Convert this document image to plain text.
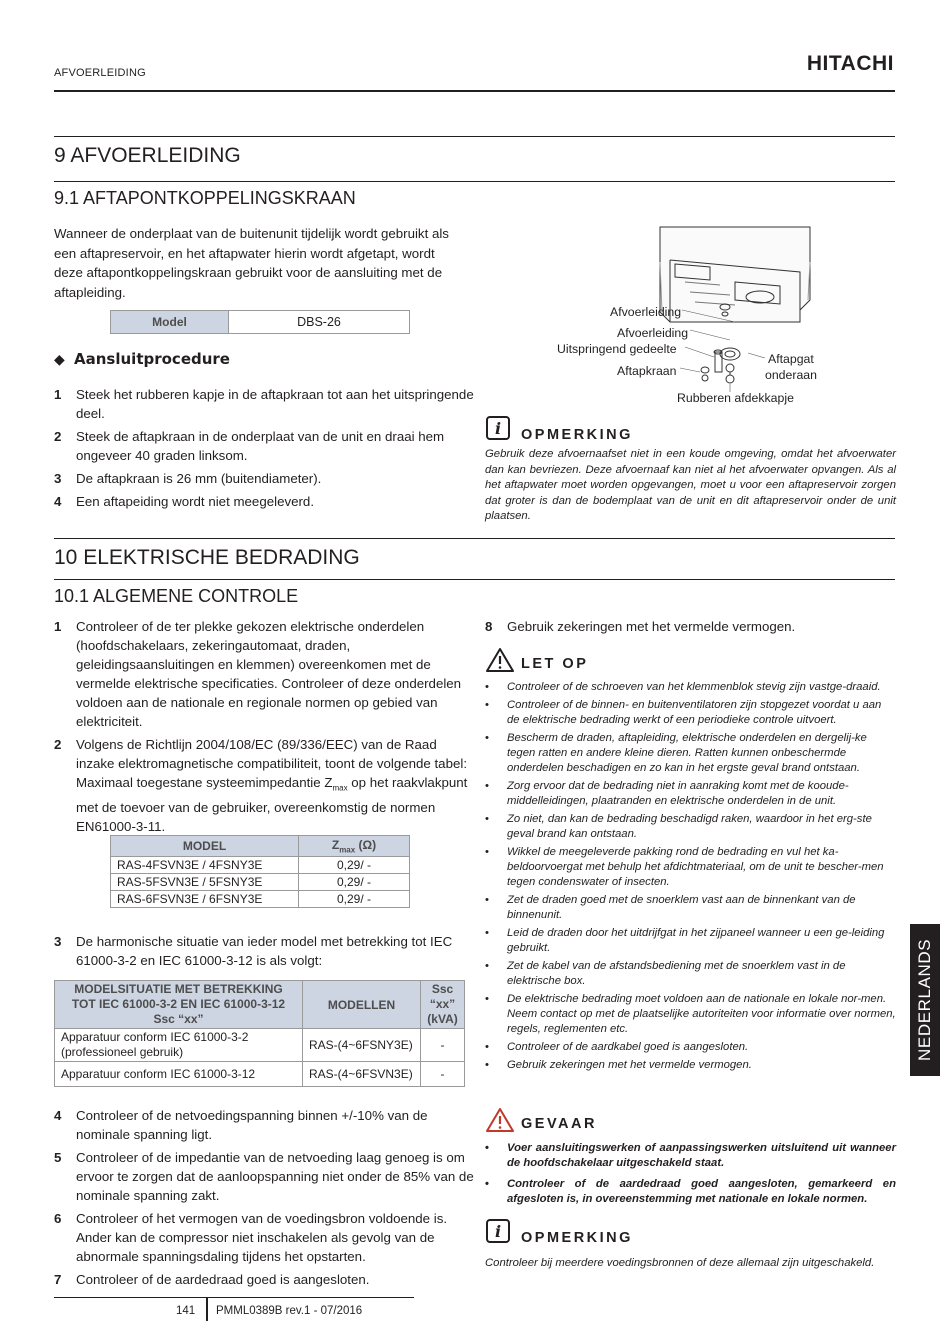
AFVOERLEIDING	HITACHI
9 AFVOERLEIDING
9.1 AFTAPONTKOPPELINGSKRAAN
Wanneer de onderplaat van de buitenunit tijdelijk wordt gebruikt als een aftapreservoir, en het aftapwater hierin wordt afgetapt, wordt deze aftapontkoppelingskraan gebruikt voor de aansluiting met de aftapleiding.
Model	DBS-26
◆ Aansluitprocedure
1 Steek het rubberen kapje in de aftapkraan tot aan het uitspringende deel.
2 Steek de aftapkraan in de onderplaat van de unit en draai hem ongeveer 40 graden linksom.
3 De aftapkraan is 26 mm (buitendiameter).
4 Een aftapeiding wordt niet meegeleverd.
Afvoerleiding
Afvoerleiding
Uitspringend gedeelte
Aftapkraan
Aftapgat
onderaan
Rubberen afdekkapje
i	OPMERKING
Gebruik deze afvoernaafset niet in een koude omgeving, omdat het afvoerwater dan kan bevriezen. Deze afvoernaaf kan niet al het afvoerwater opvangen. Als al het aftapwater moet worden opgevangen, moet u voor een aftapreservoir zorgen dat groter is dan de bodemplaat van de unit en dit aftapreservoir onder de unit plaatsen.
10 ELEKTRISCHE BEDRADING
10.1 ALGEMENE CONTROLE
1 Controleer of de ter plekke gekozen elektrische onderdelen (hoofdschakelaars, zekeringautomaat, draden, geleidingsaansluitingen en klemmen) overeenkomen met de vermelde elektrische specificaties. Controleer of deze onderdelen voldoen aan de nationale en regionale normen op gebied van elektriciteit.
2 Volgens de Richtlijn 2004/108/EC (89/336/EEC) van de Raad inzake elektromagnetische compatibiliteit, toont de volgende tabel: Maximaal toegestane systeemimpedantie $Z_{max}$ op het raakvlakpunt met de toevoer van de gebruiker, overeenkomstig de normen EN61000-3-11.
MODEL	$Z_{max}$ (Ω)
RAS-4FSVN3E / 4FSNY3E	0,29/ -
RAS-5FSVN3E / 5FSNY3E	0,29/ -
RAS-6FSVN3E / 6FSNY3E	0,29/ -
3 De harmonische situatie van ieder model met betrekking tot IEC 61000-3-2 en IEC 61000-3-12 is als volgt:
MODELSITUATIE MET BETREKKING
TOT IEC 61000-3-2 EN IEC 61000-3-12
Ssc “xx”	MODELLEN	Ssc
“xx”
(kVA)
Apparatuur conform IEC 61000-3-2
(professioneel gebruik)	RAS-(4~6FSNY3E)	-
Apparatuur conform IEC 61000-3-12	RAS-(4~6FSVN3E)	-
4 Controleer of de netvoedingspanning binnen +/-10% van de nominale spanning ligt.
5 Controleer of de impedantie van de netvoeding laag genoeg is om ervoor te zorgen dat de aanloopspanning niet onder de 85% van de nominale spanning zakt.
6 Controleer of het vermogen van de voedingsbron voldoende is. Ander kan de compressor niet inschakelen als gevolg van de abnormale spanningsdaling tijdens het opstarten.
7 Controleer of de aardedraad goed is aangesloten.
8 Gebruik zekeringen met het vermelde vermogen.
LET OP
• Controleer of de schroeven van het klemmenblok stevig zijn vastge-draaid.
• Controleer of de binnen- en buitenventilatoren zijn stopgezet voordat u aan de elektrische bedrading werkt of een periodieke controle uitvoert.
• Bescherm de draden, aftapleiding, elektrische onderdelen en dergelij-ke tegen ratten en andere kleine dieren. Ratten kunnen onbeschermde onderdelen beschadigen en zo kan in het ergste geval brand ontstaan.
• Zorg ervoor dat de bedrading niet in aanraking komt met de kooude-middelleidingen, plaatranden en elektrische onderdelen in de unit.
• Zo niet, dan kan de bedrading beschadigd raken, waardoor in het erg-ste geval brand kan ontstaan.
• Wikkel de meegeleverde pakking rond de bedrading en vul het ka-beldoorvoergat met behulp het afdichtmateriaal, om de unit te bescher-men tegen condenswater of insecten.
• Zet de draden goed met de snoerklem vast aan de binnenkant van de binnenunit.
• Leid de draden door het uitdrijfgat in het zijpaneel wanneer u een ge-leiding gebruikt.
• Zet de kabel van de afstandsbediening met de snoerklem vast in de elektrische box.
• De elektrische bedrading moet voldoen aan de nationale en lokale nor-men. Neem contact op met de plaatselijke autoriteiten voor informatie over normen, regels, reglementen etc.
• Controleer of de aardkabel goed is aangesloten.
• Gebruik zekeringen met het vermelde vermogen.
GEVAAR
• Voer aansluitingswerken of aanpassingswerken uitsluitend uit wanneer de hoofdschakelaar uitgeschakeld staat.
• Controleer of de aardedraad goed aangesloten, gemarkeerd en afgesloten is, in overeenstemming met nationale en lokale normen.
i	OPMERKING
Controleer bij meerdere voedingsbronnen of deze allemaal zijn uitgeschakeld.
NEDERLANDS
141 PMML0389B rev.1 - 07/2016
